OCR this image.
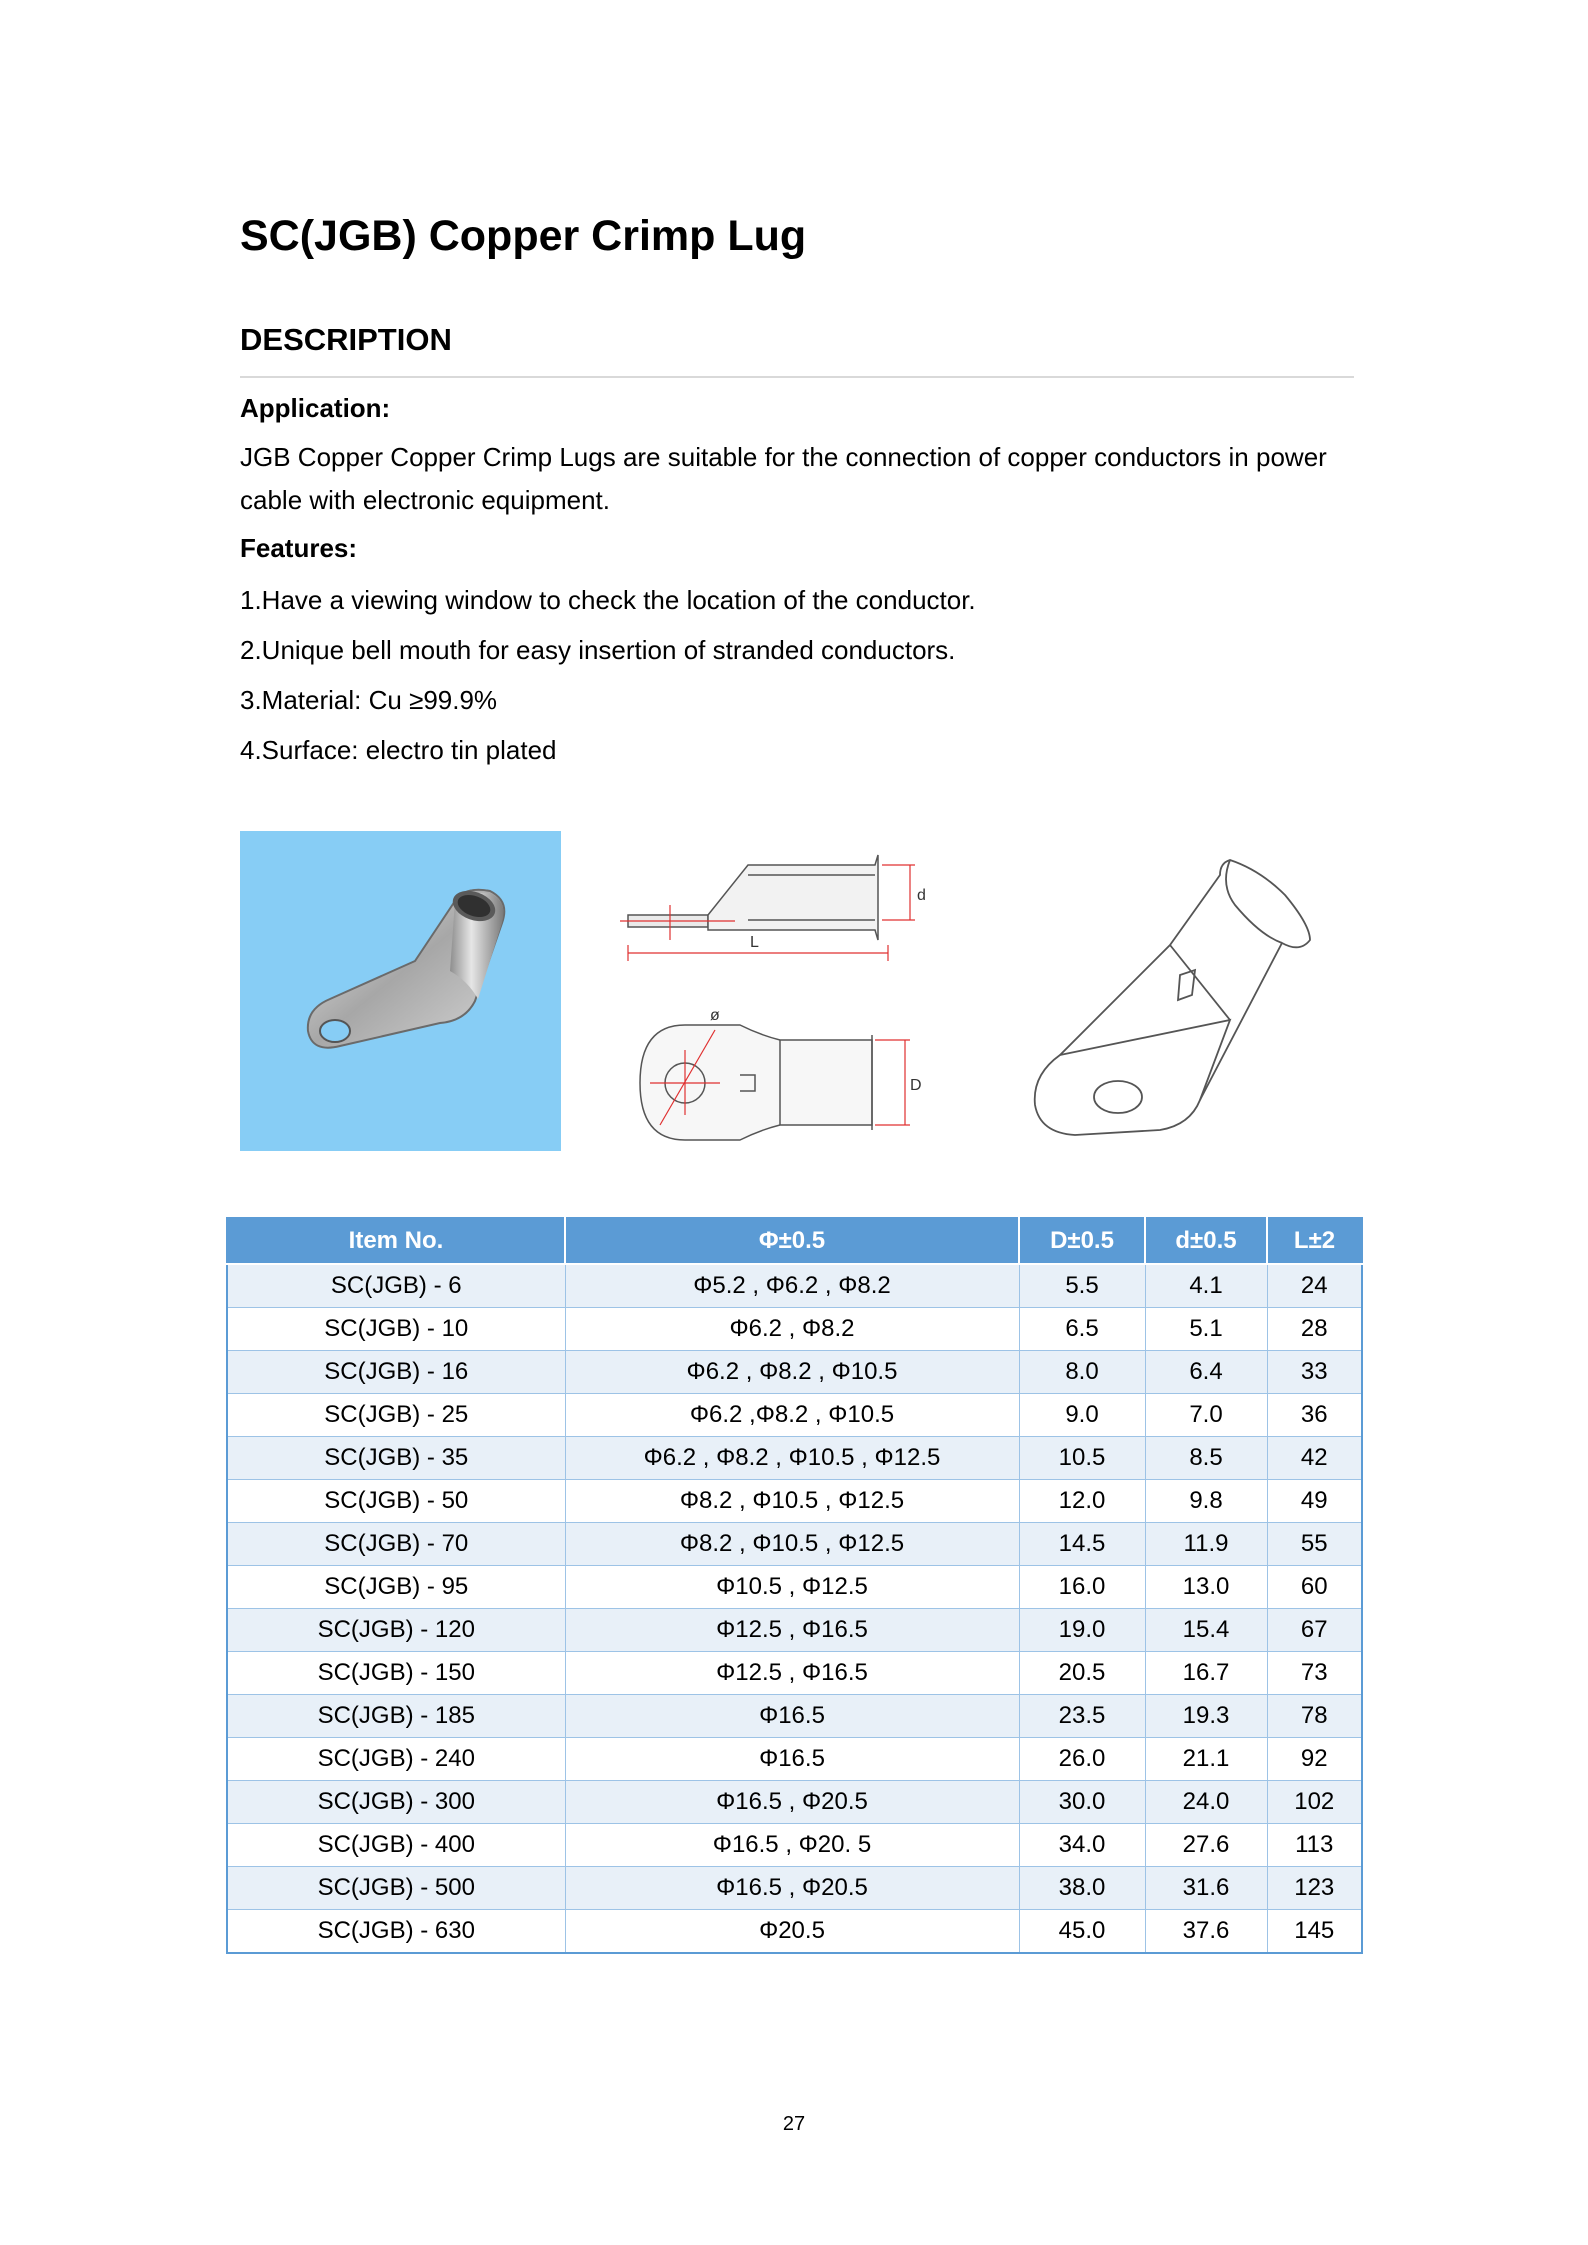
SC(JGB) Copper Crimp Lug
DESCRIPTION
Application:
JGB Copper Copper Crimp Lugs are suitable for the connection of copper conductors in power cable with electronic equipment.
Features:
1.Have a viewing window to check the location of the conductor.
2.Unique bell mouth for easy insertion of stranded conductors.
3.Material: Cu ≥99.9%
4.Surface: electro tin plated
d
L
ø
D
Item No.	Φ±0.5	D±0.5	d±0.5	L±2
SC(JGB) - 6	Φ5.2 , Φ6.2 , Φ8.2	5.5	4.1	24
SC(JGB) - 10	Φ6.2 , Φ8.2	6.5	5.1	28
SC(JGB) - 16	Φ6.2 , Φ8.2 , Φ10.5	8.0	6.4	33
SC(JGB) - 25	Φ6.2 ,Φ8.2 , Φ10.5	9.0	7.0	36
SC(JGB) - 35	Φ6.2 , Φ8.2 , Φ10.5 , Φ12.5	10.5	8.5	42
SC(JGB) - 50	Φ8.2 , Φ10.5 , Φ12.5	12.0	9.8	49
SC(JGB) - 70	Φ8.2 , Φ10.5 , Φ12.5	14.5	11.9	55
SC(JGB) - 95	Φ10.5 , Φ12.5	16.0	13.0	60
SC(JGB) - 120	Φ12.5 , Φ16.5	19.0	15.4	67
SC(JGB) - 150	Φ12.5 , Φ16.5	20.5	16.7	73
SC(JGB) - 185	Φ16.5	23.5	19.3	78
SC(JGB) - 240	Φ16.5	26.0	21.1	92
SC(JGB) - 300	Φ16.5 , Φ20.5	30.0	24.0	102
SC(JGB) - 400	Φ16.5 , Φ20. 5	34.0	27.6	113
SC(JGB) - 500	Φ16.5 , Φ20.5	38.0	31.6	123
SC(JGB) - 630	Φ20.5	45.0	37.6	145
27
